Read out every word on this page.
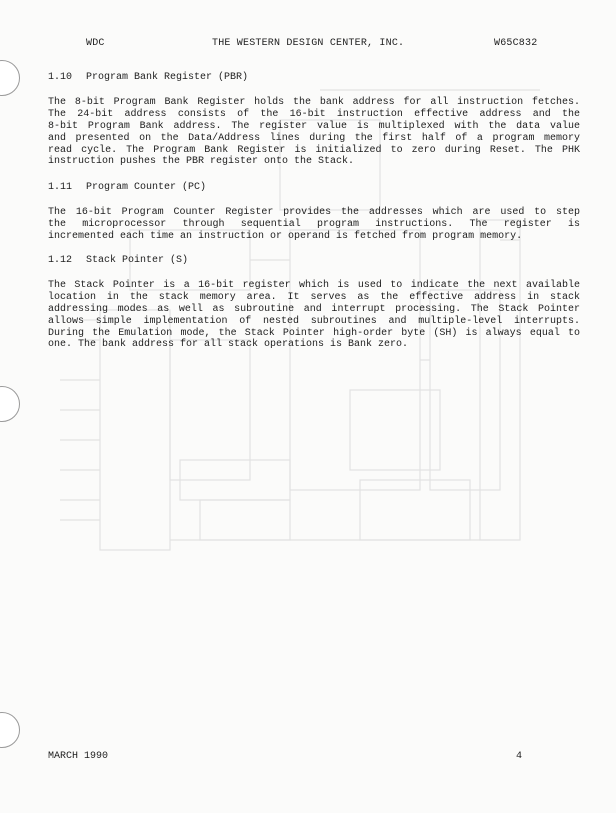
WDC	THE WESTERN DESIGN CENTER, INC.	W65C832
1.10 Program Bank Register (PBR)
The 8-bit Program Bank Register holds the bank address for all instruction fetches.
The 24-bit address consists of the 16-bit instruction effective address and the
8-bit Program Bank address. The register value is multiplexed with the data value
and presented on the Data/Address lines during the first half of a program memory
read cycle. The Program Bank Register is initialized to zero during Reset. The PHK
instruction pushes the PBR register onto the Stack.
1.11 Program Counter (PC)
The 16-bit Program Counter Register provides the addresses which are used to step
the microprocessor through sequential program instructions. The register is
incremented each time an instruction or operand is fetched from program memory.
1.12 Stack Pointer (S)
The Stack Pointer is a 16-bit register which is used to indicate the next available
location in the stack memory area. It serves as the effective address in stack
addressing modes as well as subroutine and interrupt processing. The Stack Pointer
allows simple implementation of nested subroutines and multiple-level interrupts.
During the Emulation mode, the Stack Pointer high-order byte (SH) is always equal to
one. The bank address for all stack operations is Bank zero.
MARCH 1990	4
